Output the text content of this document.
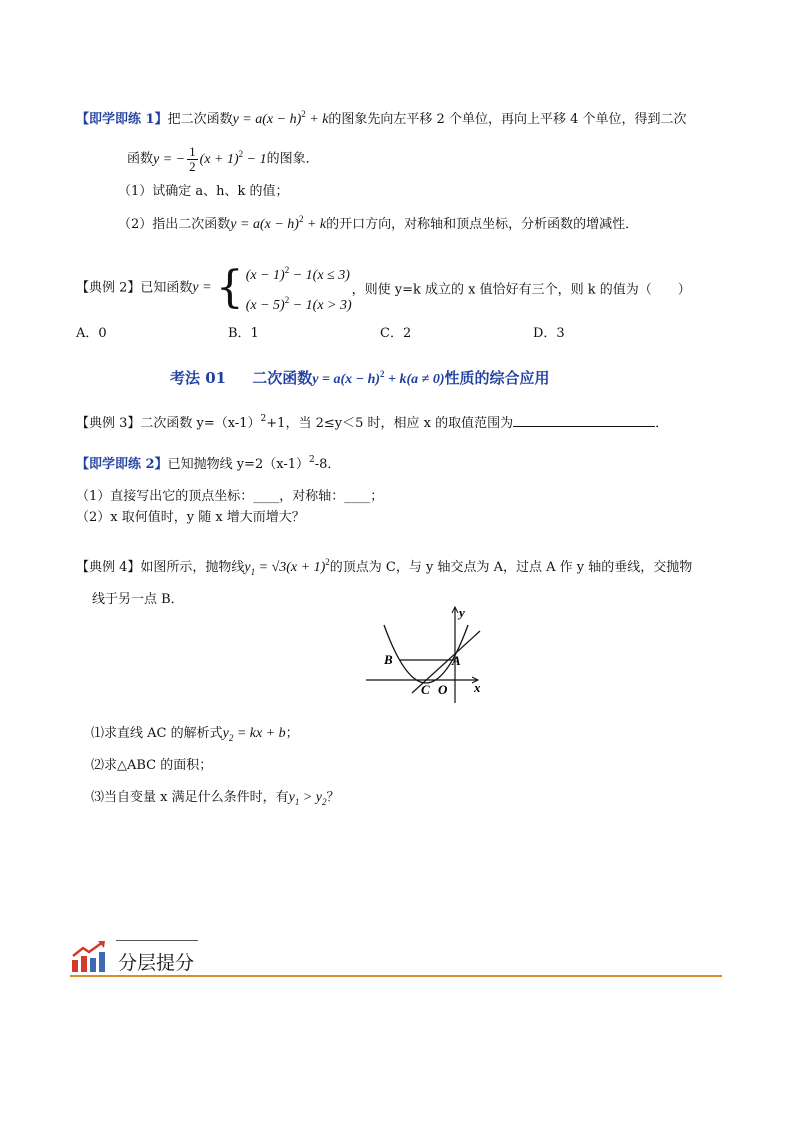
【即学即练 1】把二次函数$y = a(x - h)^2 + k$的图象先向左平移 2 个单位，再向上平移 4 个单位，得到二次
函数y = − $\frac{1}{2} (x + 1)^2 - 1$的图象．
（1）试确定 a、h、k 的值；
（2）指出二次函数$y = a(x - h)^2 + k$的开口方向，对称轴和顶点坐标，分析函数的增减性．
【典例 2】已知函数y = { $(x - 1)^2 - 1(x \le 3)$
$(x - 5)^2 - 1(x > 3)$
，则使 y=k 成立的 x 值恰好有三个，则 k 的值为（　　）
A．0	B．1	C．2	D．3
考法 01 二次函数$y = a(x - h)^2 + k(a \ne 0)$性质的综合应用
【典例 3】二次函数 $y=(x-1)^2+1$，当 2≤y＜5 时，相应 x 的取值范围为	．
【即学即练 2】已知抛物线 $y=2(x-1)^2-8$．
（1）直接写出它的顶点坐标：____，对称轴：____；
（2）x 取何值时，y 随 x 增大而增大？
【典例 4】如图所示，抛物线$y_1 = √3(x + 1)^2$的顶点为 C，与 y 轴交点为 A，过点 A 作 y 轴的垂线，交抛物
线于另一点 B．
y
x
B	A
C O
⑴求直线 AC 的解析式$y_2$ = kx + b；
⑵求△ABC 的面积；
⑶当自变量 x 满足什么条件时，有$y_1 > y_2$？
分层提分
